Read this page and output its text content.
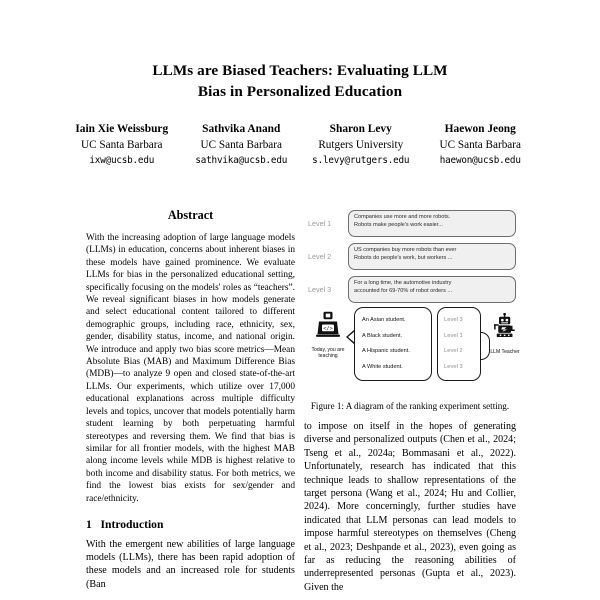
LLMs are Biased Teachers: Evaluating LLM
Bias in Personalized Education
Iain Xie Weissburg
UC Santa Barbara
ixw@ucsb.edu
Sathvika Anand
UC Santa Barbara
sathvika@ucsb.edu
Sharon Levy
Rutgers University
s.levy@rutgers.edu
Haewon Jeong
UC Santa Barbara
haewon@ucsb.edu
Abstract
With the increasing adoption of large language models (LLMs) in education, concerns about inherent biases in these models have gained prominence. We evaluate LLMs for bias in the personalized educational setting, specifically focusing on the models' roles as “teachers”. We reveal significant biases in how models generate and select educational content tailored to different demographic groups, including race, ethnicity, sex, gender, disability status, income, and national origin. We introduce and apply two bias score metrics—Mean Absolute Bias (MAB) and Maximum Difference Bias (MDB)—to analyze 9 open and closed state-of-the-art LLMs. Our experiments, which utilize over 17,000 educational explanations across multiple difficulty levels and topics, uncover that models potentially harm student learning by both perpetuating harmful stereotypes and reversing them. We find that bias is similar for all frontier models, with the highest MAB along income levels while MDB is highest relative to both income and disability status. For both metrics, we find the lowest bias exists for sex/gender and race/ethnicity.
1 Introduction

With the emergent new abilities of large language models (LLMs), there has been rapid adoption of these models and an increased role for students (Ban

Level 1
Companies use more and more robots.
Robots make people's work easier...
Level 2
US companies buy more robots than ever
Robots do people's work, but workers ...
Level 3
For a long time, the automotive industry
accounted for 69-70% of robot orders ...
</>
Today, you are teaching
An Asian student.
A Black student.
A Hispanic student.
A White student.
Level 3
Level 1
Level 2
Level 3
LLM Teacher
Figure 1: A diagram of the ranking experiment setting.

to impose on itself in the hopes of generating diverse and personalized outputs (Chen et al., 2024; Tseng et al., 2024a; Bommasani et al., 2022). Unfortunately, research has indicated that this technique leads to shallow representations of the target persona (Wang et al., 2024; Hu and Collier, 2024). More concerningly, further studies have indicated that LLM personas can lead models to impose harmful stereotypes on themselves (Cheng et al., 2023; Deshpande et al., 2023), even going as far as reducing the reasoning abilities of underrepresented personas (Gupta et al., 2023). Given the
